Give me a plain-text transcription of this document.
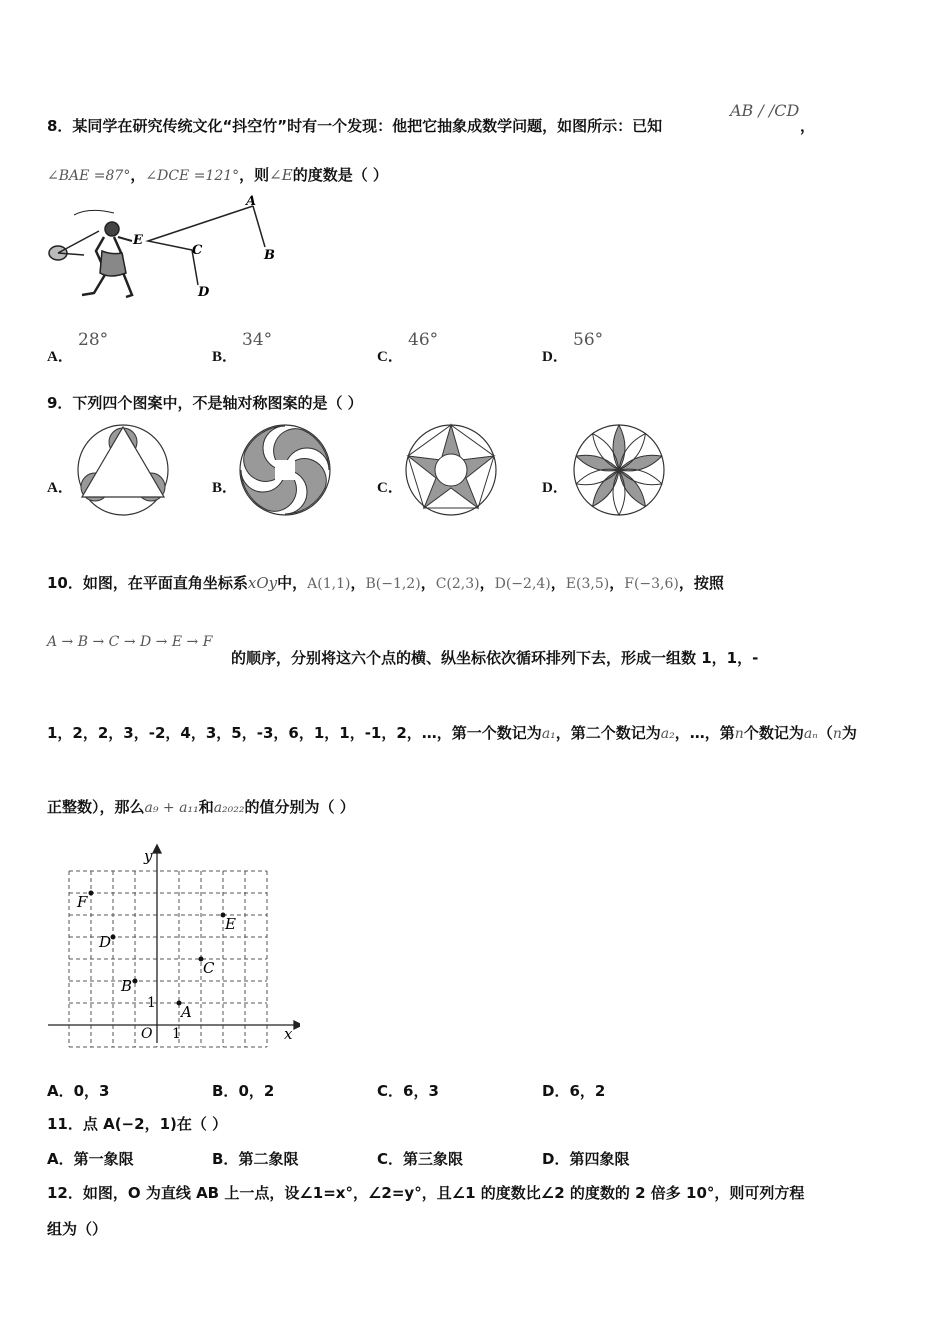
8．某同学在研究传统文化“抖空竹”时有一个发现：他把它抽象成数学问题，如图所示：已知
AB / /CD
，
∠BAE =87°，∠DCE =121°，则∠E的度数是（ ）
A
B
C
D
E
A．
28°
B．
34°
C．
46°
D．
56°
9．下列四个图案中，不是轴对称图案的是（ ）
A．	B．	C．	D．
10．如图，在平面直角坐标系xOy中，A(1,1)，B(−1,2)，C(2,3)，D(−2,4)，E(3,5)，F(−3,6)，按照
A → B → C → D → E → F
的顺序，分别将这六个点的横、纵坐标依次循环排列下去，形成一组数 1，1，-
1，2，2，3，-2，4，3，5，-3，6，1，1，-1，2，…，第一个数记为a₁，第二个数记为a₂，…，第n个数记为aₙ（n为
正整数），那么a₉ + a₁₁和a₂₀₂₂的值分别为（ ）
x
y
O 1
1 A
B
C
D
E
F
A．0，3	B．0，2	C．6，3	D．6，2
11．点 A(−2，1)在（ ）
A．第一象限	B．第二象限	C．第三象限	D．第四象限
12．如图，O 为直线 AB 上一点，设∠1=x°，∠2=y°，且∠1 的度数比∠2 的度数的 2 倍多 10°，则可列方程
组为（）
